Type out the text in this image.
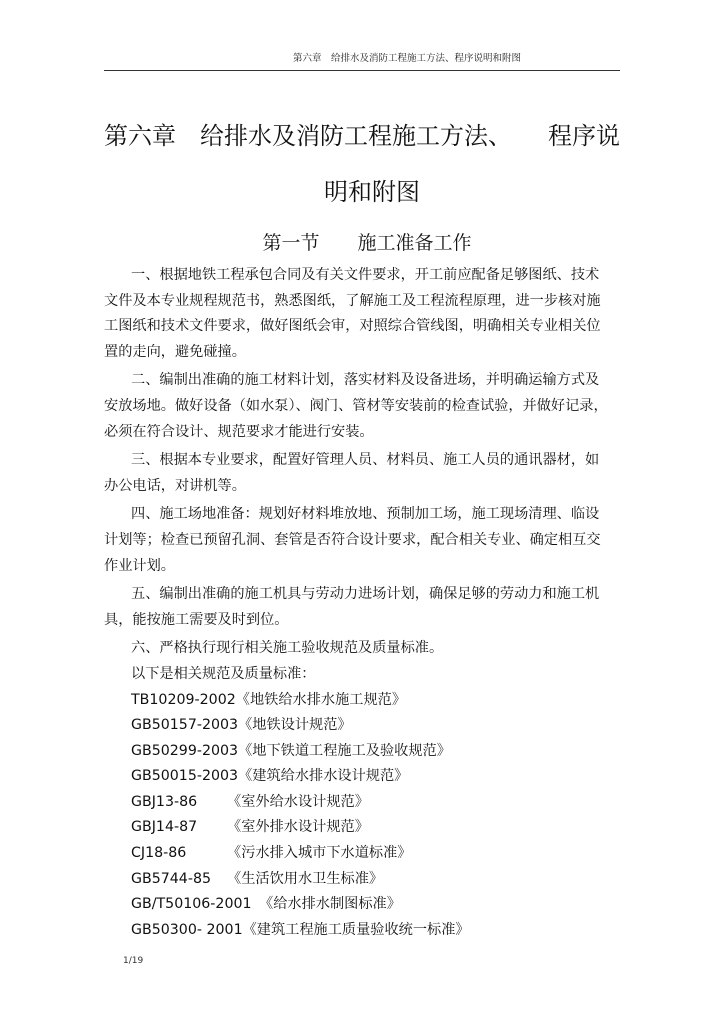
第六章　给排水及消防工程施工方法、程序说明和附图
第六章　给排水及消防工程施工方法、　　程序说
明和附图
第一节　　施工准备工作
一、根据地铁工程承包合同及有关文件要求，开工前应配备足够图纸、技术
文件及本专业规程规范书，熟悉图纸，了解施工及工程流程原理，进一步核对施
工图纸和技术文件要求，做好图纸会审，对照综合管线图，明确相关专业相关位
置的走向，避免碰撞。
二、编制出准确的施工材料计划，落实材料及设备进场，并明确运输方式及
安放场地。做好设备（如水泵）、阀门、管材等安装前的检查试验，并做好记录，
必须在符合设计、规范要求才能进行安装。
三、根据本专业要求，配置好管理人员、材料员、施工人员的通讯器材，如
办公电话，对讲机等。
四、施工场地准备：规划好材料堆放地、预制加工场，施工现场清理、临设
计划等；检查已预留孔洞、套管是否符合设计要求，配合相关专业、确定相互交
作业计划。
五、编制出准确的施工机具与劳动力进场计划，确保足够的劳动力和施工机
具，能按施工需要及时到位。
六、严格执行现行相关施工验收规范及质量标准。
以下是相关规范及质量标准：
TB10209-2002《地铁给水排水施工规范》
GB50157-2003《地铁设计规范》
GB50299-2003《地下铁道工程施工及验收规范》
GB50015-2003《建筑给水排水设计规范》
GBJ13-86 《室外给水设计规范》
GBJ14-87 《室外排水设计规范》
CJ18-86	《污水排入城市下水道标准》
GB5744-85 《生活饮用水卫生标准》
GB/T50106-2001 《给水排水制图标准》
GB50300- 2001《建筑工程施工质量验收统一标准》
1/19
